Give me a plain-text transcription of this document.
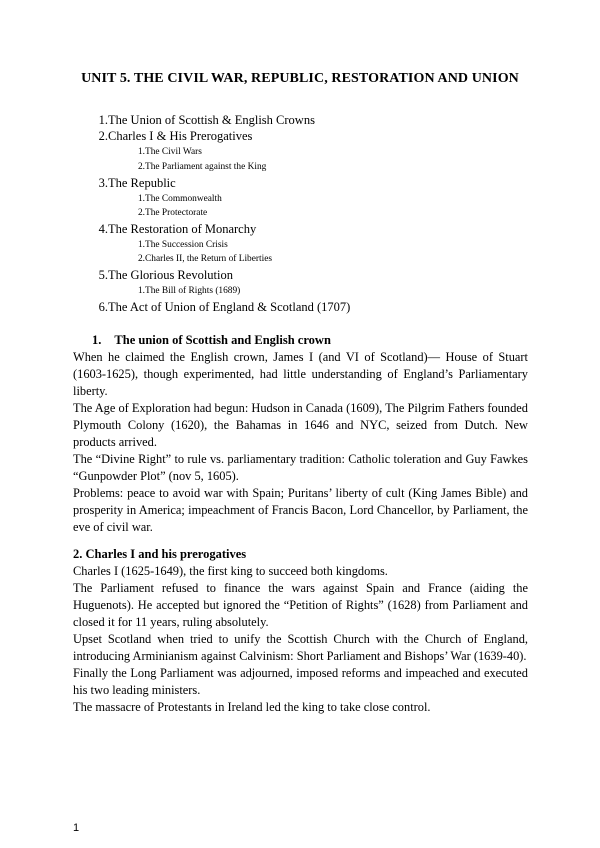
UNIT 5. THE CIVIL WAR, REPUBLIC, RESTORATION AND UNION
1. The Union of Scottish & English Crowns
2. Charles I & His Prerogatives
1. The Civil Wars
2. The Parliament against the King
3. The Republic
1. The Commonwealth
2. The Protectorate
4. The Restoration of Monarchy
1. The Succession Crisis
2. Charles II, the Return of Liberties
5. The Glorious Revolution
1. The Bill of Rights (1689)
6. The Act of Union of England & Scotland (1707)
1. The union of Scottish and English crown

When he claimed the English crown, James I (and VI of Scotland)— House of Stuart (1603-1625), though experimented, had little understanding of England’s Parliamentary liberty.

The Age of Exploration had begun: Hudson in Canada (1609), The Pilgrim Fathers founded Plymouth Colony (1620), the Bahamas in 1646 and NYC, seized from Dutch. New products arrived.

The “Divine Right” to rule vs. parliamentary tradition: Catholic toleration and Guy Fawkes “Gunpowder Plot” (nov 5, 1605).

Problems: peace to avoid war with Spain; Puritans’ liberty of cult (King James Bible) and prosperity in America; impeachment of Francis Bacon, Lord Chancellor, by Parliament, the eve of civil war.

2. Charles I and his prerogatives

Charles I (1625-1649), the first king to succeed both kingdoms.

The Parliament refused to finance the wars against Spain and France (aiding the Huguenots). He accepted but ignored the “Petition of Rights” (1628) from Parliament and closed it for 11 years, ruling absolutely.

Upset Scotland when tried to unify the Scottish Church with the Church of England, introducing Arminianism against Calvinism: Short Parliament and Bishops’ War (1639-40).

Finally the Long Parliament was adjourned, imposed reforms and impeached and executed his two leading ministers.

The massacre of Protestants in Ireland led the king to take close control.

1
